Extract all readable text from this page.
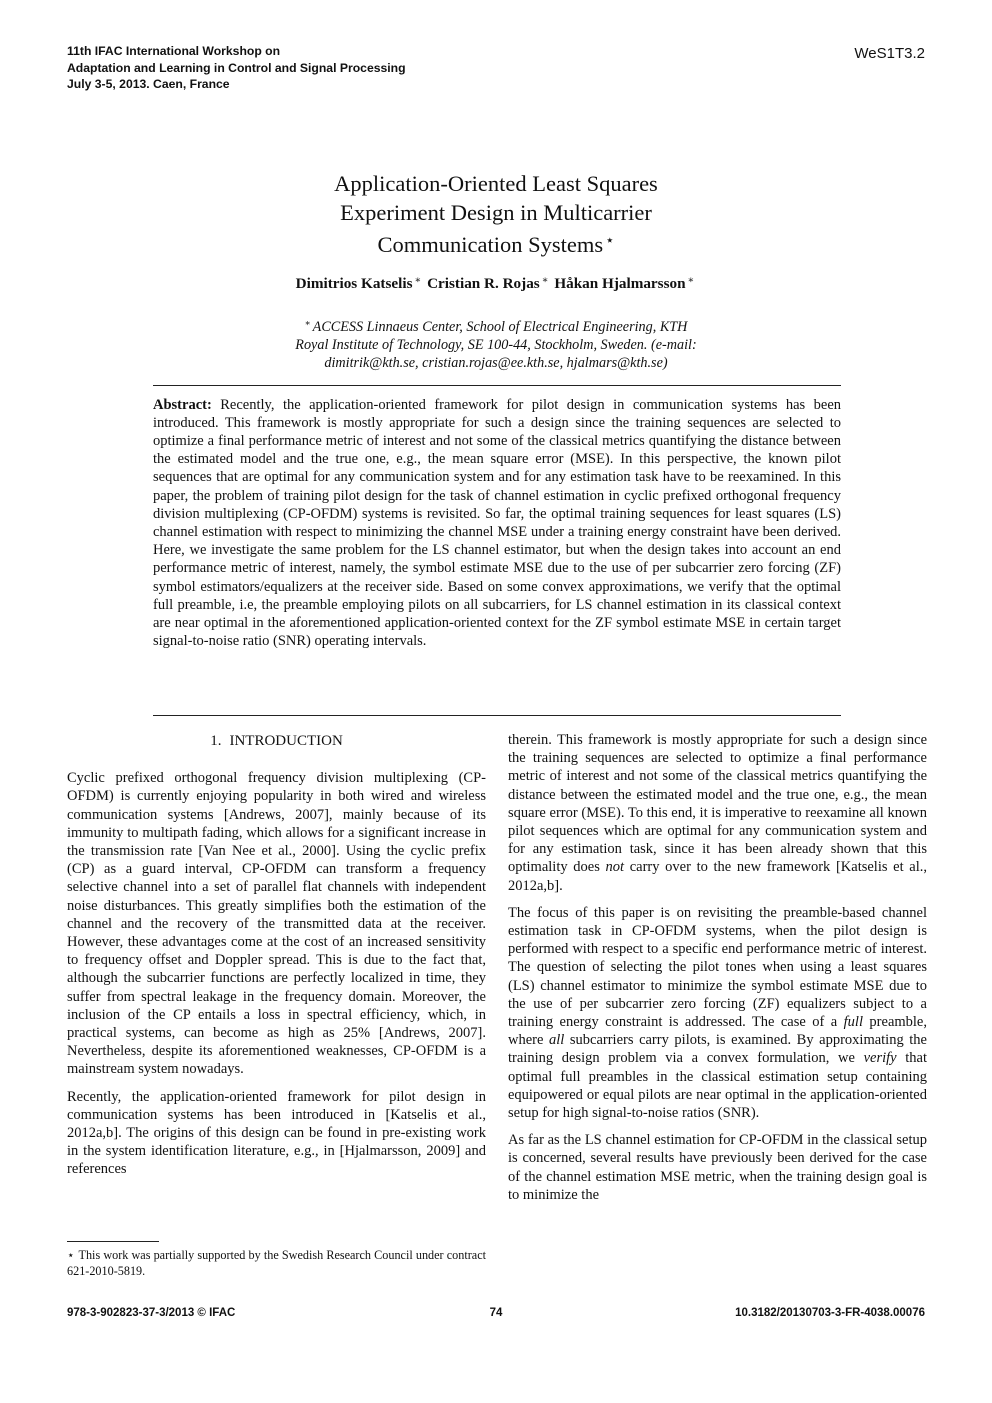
11th IFAC International Workshop on
Adaptation and Learning in Control and Signal Processing
July 3-5, 2013. Caen, France
WeS1T3.2
Application-Oriented Least Squares
Experiment Design in Multicarrier
Communication Systems ⋆
Dimitrios Katselis ∗ Cristian R. Rojas ∗ Håkan Hjalmarsson ∗
∗ ACCESS Linnaeus Center, School of Electrical Engineering, KTH
Royal Institute of Technology, SE 100-44, Stockholm, Sweden. (e-mail:
dimitrik@kth.se, cristian.rojas@ee.kth.se, hjalmars@kth.se)
Abstract: Recently, the application-oriented framework for pilot design in communication systems has been introduced. This framework is mostly appropriate for such a design since the training sequences are selected to optimize a final performance metric of interest and not some of the classical metrics quantifying the distance between the estimated model and the true one, e.g., the mean square error (MSE). In this perspective, the known pilot sequences that are optimal for any communication system and for any estimation task have to be reexamined. In this paper, the problem of training pilot design for the task of channel estimation in cyclic prefixed orthogonal frequency division multiplexing (CP-OFDM) systems is revisited. So far, the optimal training sequences for least squares (LS) channel estimation with respect to minimizing the channel MSE under a training energy constraint have been derived. Here, we investigate the same problem for the LS channel estimator, but when the design takes into account an end performance metric of interest, namely, the symbol estimate MSE due to the use of per subcarrier zero forcing (ZF) symbol estimators/equalizers at the receiver side. Based on some convex approximations, we verify that the optimal full preamble, i.e, the preamble employing pilots on all subcarriers, for LS channel estimation in its classical context are near optimal in the aforementioned application-oriented context for the ZF symbol estimate MSE in certain target signal-to-noise ratio (SNR) operating intervals.
1. INTRODUCTION

Cyclic prefixed orthogonal frequency division multiplexing (CP-OFDM) is currently enjoying popularity in both wired and wireless communication systems [Andrews, 2007], mainly because of its immunity to multipath fading, which allows for a significant increase in the transmission rate [Van Nee et al., 2000]. Using the cyclic prefix (CP) as a guard interval, CP-OFDM can transform a frequency selective channel into a set of parallel flat channels with independent noise disturbances. This greatly simplifies both the estimation of the channel and the recovery of the transmitted data at the receiver. However, these advantages come at the cost of an increased sensitivity to frequency offset and Doppler spread. This is due to the fact that, although the subcarrier functions are perfectly localized in time, they suffer from spectral leakage in the frequency domain. Moreover, the inclusion of the CP entails a loss in spectral efficiency, which, in practical systems, can become as high as 25% [Andrews, 2007]. Nevertheless, despite its aforementioned weaknesses, CP-OFDM is a mainstream system nowadays.

Recently, the application-oriented framework for pilot design in communication systems has been introduced in [Katselis et al., 2012a,b]. The origins of this design can be found in pre-existing work in the system identification literature, e.g., in [Hjalmarsson, 2009] and references

therein. This framework is mostly appropriate for such a design since the training sequences are selected to optimize a final performance metric of interest and not some of the classical metrics quantifying the distance between the estimated model and the true one, e.g., the mean square error (MSE). To this end, it is imperative to reexamine all known pilot sequences which are optimal for any communication system and for any estimation task, since it has been already shown that this optimality does not carry over to the new framework [Katselis et al., 2012a,b].

The focus of this paper is on revisiting the preamble-based channel estimation task in CP-OFDM systems, when the pilot design is performed with respect to a specific end performance metric of interest. The question of selecting the pilot tones when using a least squares (LS) channel estimator to minimize the symbol estimate MSE due to the use of per subcarrier zero forcing (ZF) equalizers subject to a training energy constraint is addressed. The case of a full preamble, where all subcarriers carry pilots, is examined. By approximating the training design problem via a convex formulation, we verify that optimal full preambles in the classical estimation setup containing equipowered or equal pilots are near optimal in the application-oriented setup for high signal-to-noise ratios (SNR).

As far as the LS channel estimation for CP-OFDM in the classical setup is concerned, several results have previously been derived for the case of the channel estimation MSE metric, when the training design goal is to minimize the

⋆ This work was partially supported by the Swedish Research Council under contract 621-2010-5819.
978-3-902823-37-3/2013 © IFAC	74	10.3182/20130703-3-FR-4038.00076
